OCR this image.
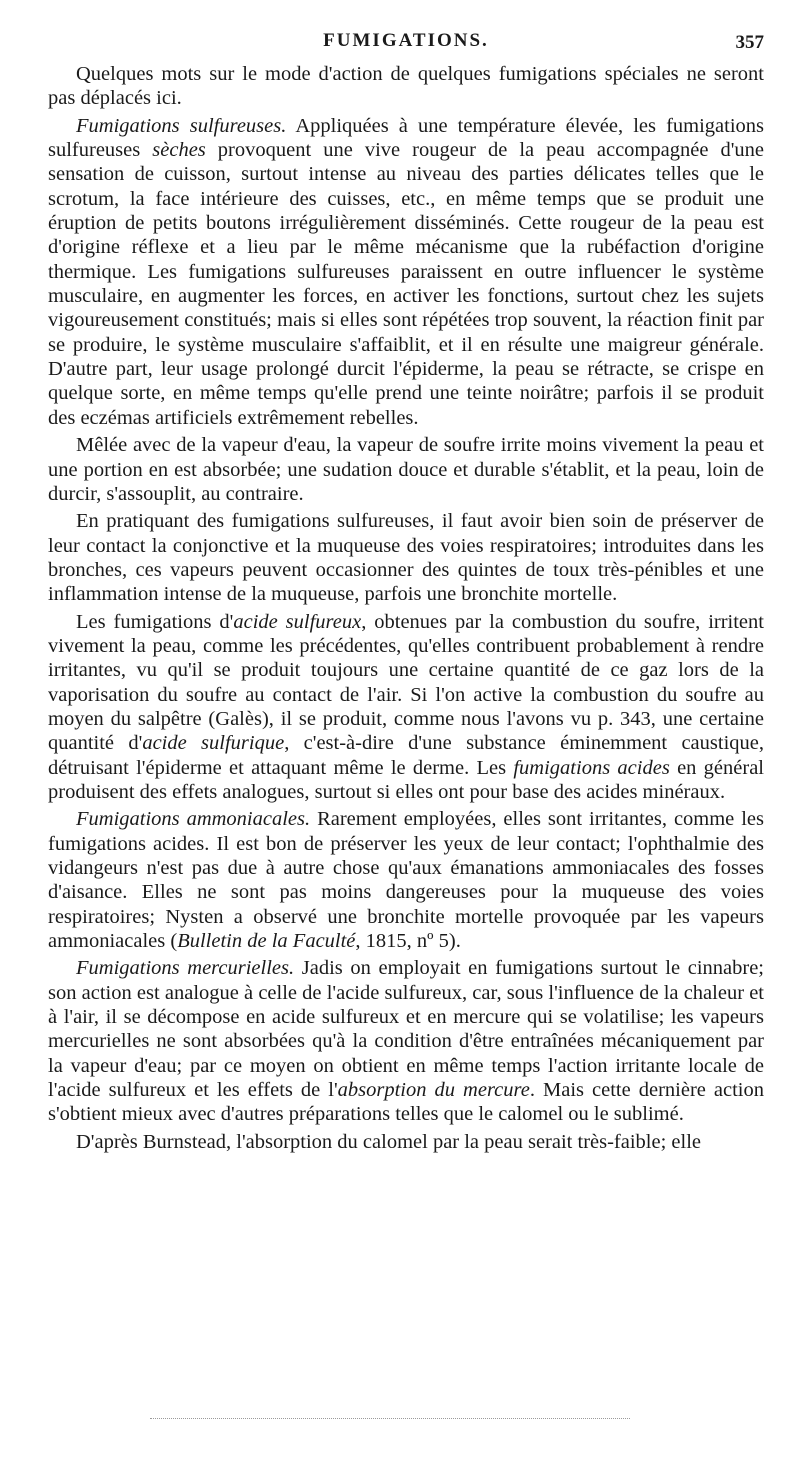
FUMIGATIONS.	357

Quelques mots sur le mode d'action de quelques fumigations spéciales ne seront pas déplacés ici.

Fumigations sulfureuses. Appliquées à une température élevée, les fumigations sulfureuses sèches provoquent une vive rougeur de la peau accompagnée d'une sensation de cuisson, surtout intense au niveau des parties délicates telles que le scrotum, la face intérieure des cuisses, etc., en même temps que se produit une éruption de petits boutons irrégulièrement disséminés. Cette rougeur de la peau est d'origine réflexe et a lieu par le même mécanisme que la rubéfaction d'origine thermique. Les fumigations sulfureuses paraissent en outre influencer le système musculaire, en augmenter les forces, en activer les fonctions, surtout chez les sujets vigoureusement constitués; mais si elles sont répétées trop souvent, la réaction finit par se produire, le système musculaire s'affaiblit, et il en résulte une maigreur générale. D'autre part, leur usage prolongé durcit l'épiderme, la peau se rétracte, se crispe en quelque sorte, en même temps qu'elle prend une teinte noirâtre; parfois il se produit des eczémas artificiels extrêmement rebelles.

Mêlée avec de la vapeur d'eau, la vapeur de soufre irrite moins vivement la peau et une portion en est absorbée; une sudation douce et durable s'établit, et la peau, loin de durcir, s'assouplit, au contraire.

En pratiquant des fumigations sulfureuses, il faut avoir bien soin de préserver de leur contact la conjonctive et la muqueuse des voies respiratoires; introduites dans les bronches, ces vapeurs peuvent occasionner des quintes de toux très-pénibles et une inflammation intense de la muqueuse, parfois une bronchite mortelle.

Les fumigations d'acide sulfureux, obtenues par la combustion du soufre, irritent vivement la peau, comme les précédentes, qu'elles contribuent probablement à rendre irritantes, vu qu'il se produit toujours une certaine quantité de ce gaz lors de la vaporisation du soufre au contact de l'air. Si l'on active la combustion du soufre au moyen du salpêtre (Galès), il se produit, comme nous l'avons vu p. 343, une certaine quantité d'acide sulfurique, c'est-à-dire d'une substance éminemment caustique, détruisant l'épiderme et attaquant même le derme. Les fumigations acides en général produisent des effets analogues, surtout si elles ont pour base des acides minéraux.

Fumigations ammoniacales. Rarement employées, elles sont irritantes, comme les fumigations acides. Il est bon de préserver les yeux de leur contact; l'ophthalmie des vidangeurs n'est pas due à autre chose qu'aux émanations ammoniacales des fosses d'aisance. Elles ne sont pas moins dangereuses pour la muqueuse des voies respiratoires; Nysten a observé une bronchite mortelle provoquée par les vapeurs ammoniacales (Bulletin de la Faculté, 1815, nº 5).

Fumigations mercurielles. Jadis on employait en fumigations surtout le cinnabre; son action est analogue à celle de l'acide sulfureux, car, sous l'influence de la chaleur et à l'air, il se décompose en acide sulfureux et en mercure qui se volatilise; les vapeurs mercurielles ne sont absorbées qu'à la condition d'être entraînées mécaniquement par la vapeur d'eau; par ce moyen on obtient en même temps l'action irritante locale de l'acide sulfureux et les effets de l'absorption du mercure. Mais cette dernière action s'obtient mieux avec d'autres préparations telles que le calomel ou le sublimé.

D'après Burnstead, l'absorption du calomel par la peau serait très-faible; elle
